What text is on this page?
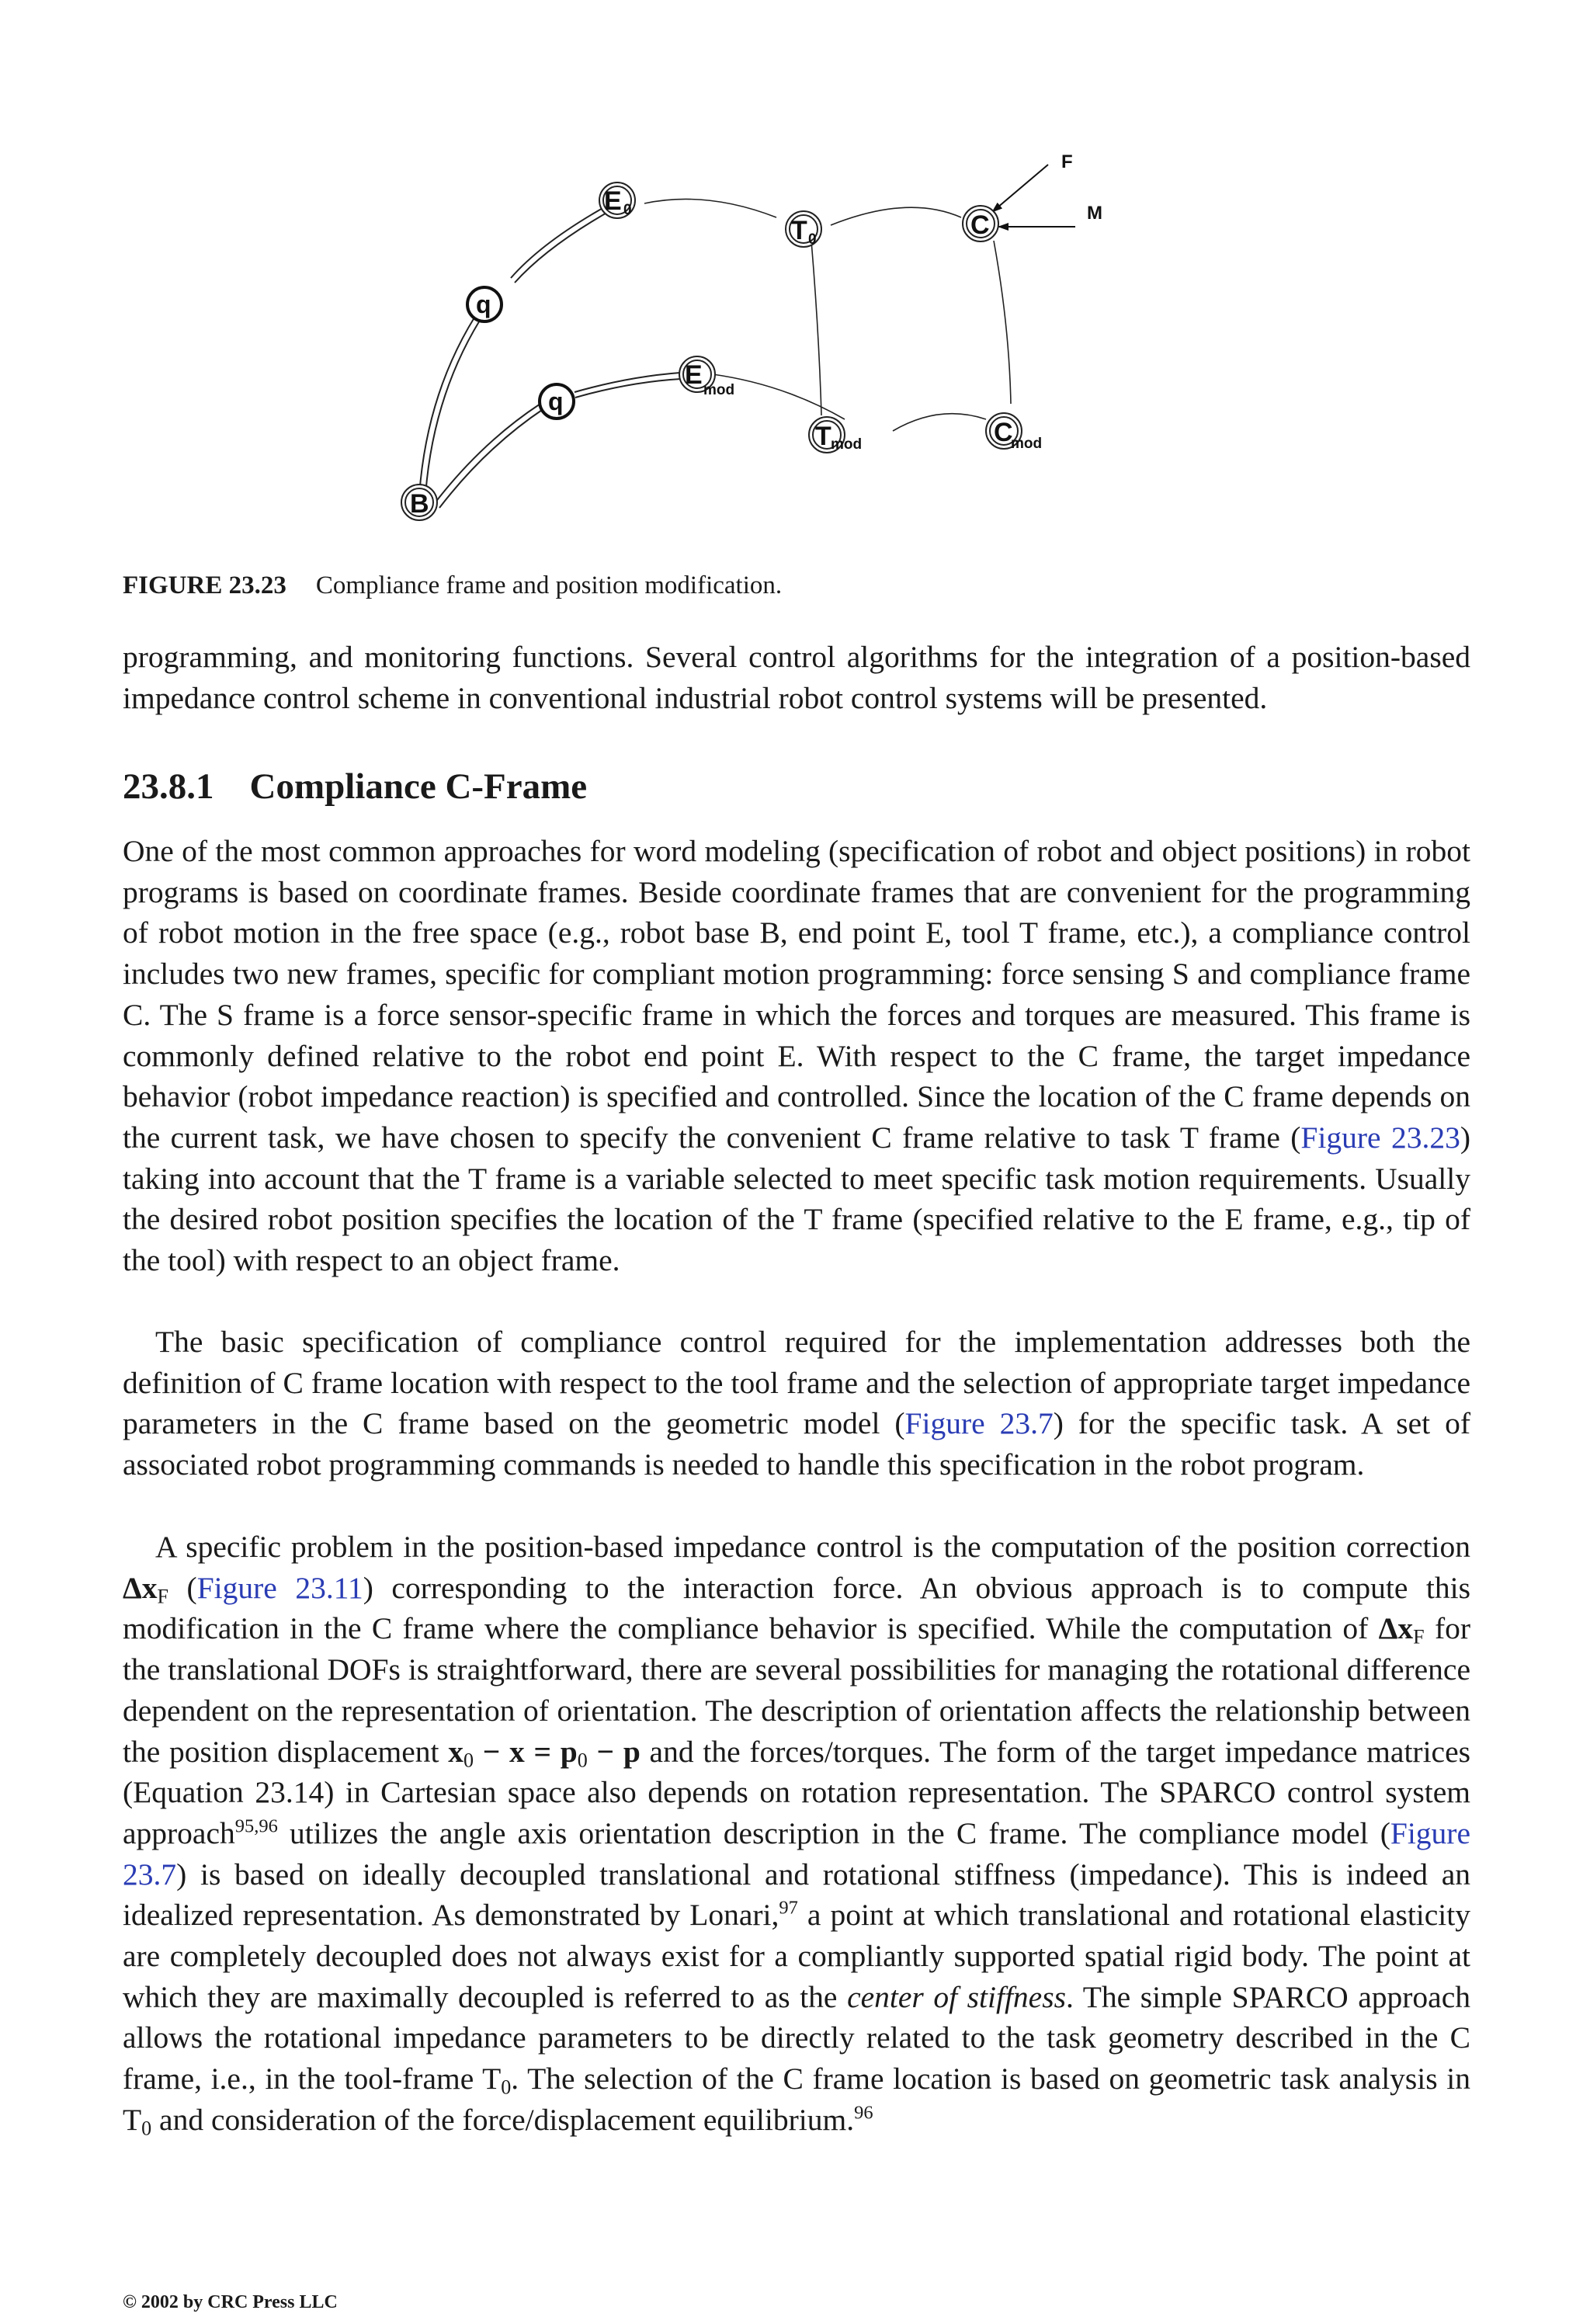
F
M
E 0
T 0	C
E
mod
T mod	C
mod
B
q
q
FIGURE 23.23 Compliance frame and position modification.

programming, and monitoring functions. Several control algorithms for the integration of a position-based impedance control scheme in conventional industrial robot control systems will be presented.

23.8.1 Compliance C-Frame

One of the most common approaches for word modeling (specification of robot and object positions) in robot programs is based on coordinate frames. Beside coordinate frames that are convenient for the programming of robot motion in the free space (e.g., robot base B, end point E, tool T frame, etc.), a compliance control includes two new frames, specific for compliant motion programming: force sensing S and compliance frame C. The S frame is a force sensor-specific frame in which the forces and torques are measured. This frame is commonly defined relative to the robot end point E. With respect to the C frame, the target impedance behavior (robot impedance reaction) is specified and controlled. Since the location of the C frame depends on the current task, we have chosen to specify the convenient C frame relative to task T frame (Figure 23.23) taking into account that the T frame is a variable selected to meet specific task motion requirements. Usually the desired robot position specifies the location of the T frame (specified relative to the E frame, e.g., tip of the tool) with respect to an object frame.

The basic specification of compliance control required for the implementation addresses both the definition of C frame location with respect to the tool frame and the selection of appropriate target impedance parameters in the C frame based on the geometric model (Figure 23.7) for the specific task. A set of associated robot programming commands is needed to handle this specification in the robot program.

A specific problem in the position-based impedance control is the computation of the position correction $\Delta x_F$ (Figure 23.11) corresponding to the interaction force. An obvious approach is to compute this modification in the C frame where the compliance behavior is specified. While the computation of $\Delta x_F$ for the translational DOFs is straightforward, there are several possibilities for managing the rotational difference dependent on the representation of orientation. The description of orientation affects the relationship between the position displacement $x_0 - x = p_0 - p$ and the forces/torques. The form of the target impedance matrices (Equation 23.14) in Cartesian space also depends on rotation representation. The SPARCO control system approach$^{95,96}$ utilizes the angle axis orientation description in the C frame. The compliance model (Figure 23.7) is based on ideally decoupled translational and rotational stiffness (impedance). This is indeed an idealized representation. As demonstrated by Lonari,$^{97}$ a point at which translational and rotational elasticity are completely decoupled does not always exist for a compliantly supported spatial rigid body. The point at which they are maximally decoupled is referred to as the center of stiffness. The simple SPARCO approach allows the rotational impedance parameters to be directly related to the task geometry described in the C frame, i.e., in the tool-frame $T_0$. The selection of the C frame location is based on geometric task analysis in $T_0$ and consideration of the force/displacement equilibrium.$^{96}$

© 2002 by CRC Press LLC
